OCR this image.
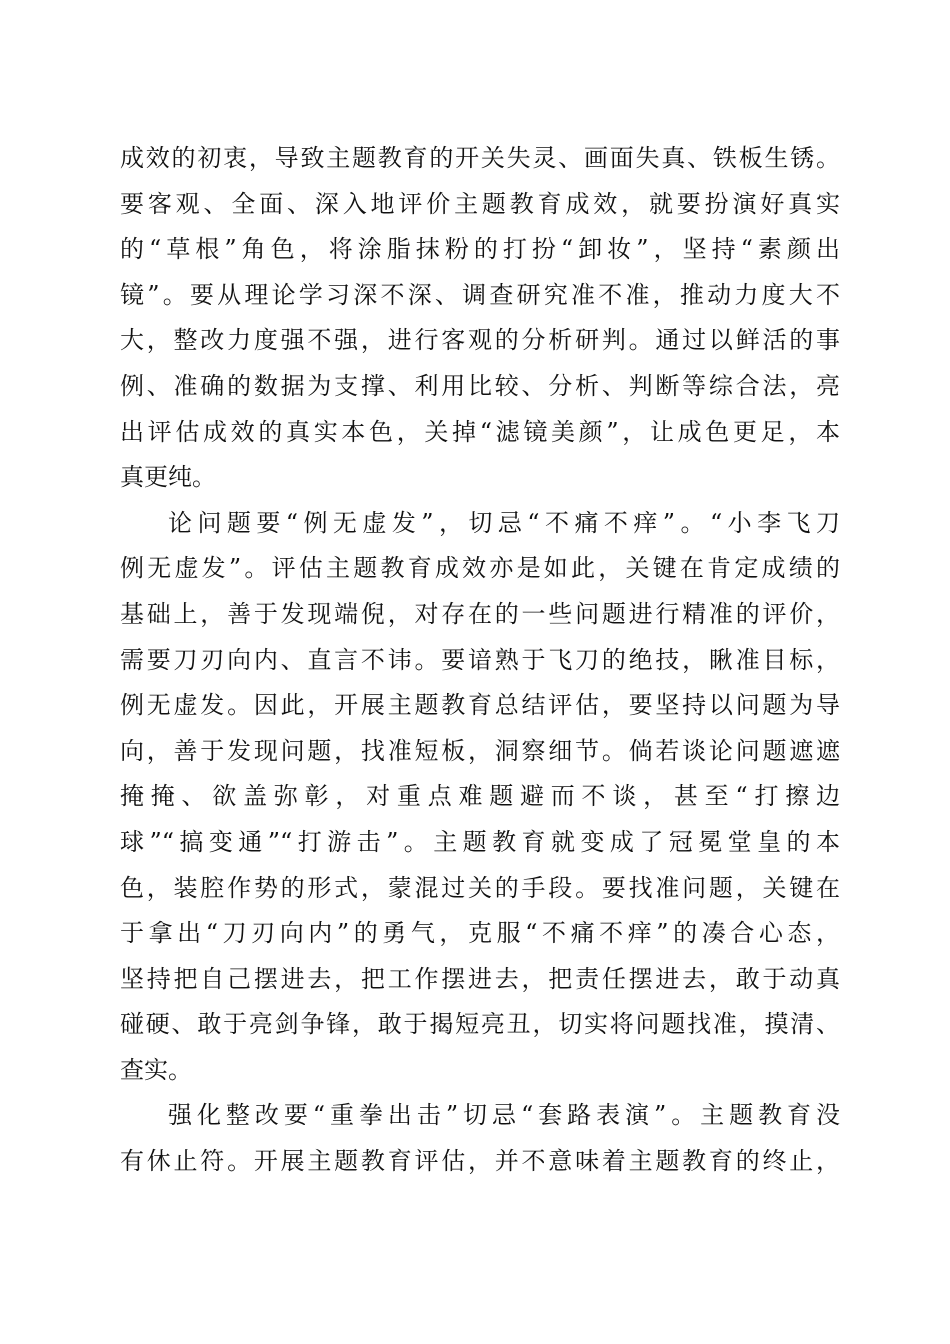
成效的初衷，导致主题教育的开关失灵、画面失真、铁板生锈。
要客观、全面、深入地评价主题教育成效，就要扮演好真实
的“草根”角色，将涂脂抹粉的打扮“卸妆”，坚持“素颜出
镜”。要从理论学习深不深、调查研究准不准，推动力度大不
大，整改力度强不强，进行客观的分析研判。通过以鲜活的事
例、准确的数据为支撑、利用比较、分析、判断等综合法，亮
出评估成效的真实本色，关掉“滤镜美颜”，让成色更足，本
真更纯。
论问题要“例无虚发”，切忌“不痛不痒”。“小李飞刀
例无虚发”。评估主题教育成效亦是如此，关键在肯定成绩的
基础上，善于发现端倪，对存在的一些问题进行精准的评价，
需要刀刃向内、直言不讳。要谙熟于飞刀的绝技，瞅准目标，
例无虚发。因此，开展主题教育总结评估，要坚持以问题为导
向，善于发现问题，找准短板，洞察细节。倘若谈论问题遮遮
掩掩、欲盖弥彰，对重点难题避而不谈，甚至“打擦边
球”“搞变通”“打游击”。主题教育就变成了冠冕堂皇的本
色，装腔作势的形式，蒙混过关的手段。要找准问题，关键在
于拿出“刀刃向内”的勇气，克服“不痛不痒”的凑合心态，
坚持把自己摆进去，把工作摆进去，把责任摆进去，敢于动真
碰硬、敢于亮剑争锋，敢于揭短亮丑，切实将问题找准，摸清、
查实。
强化整改要“重拳出击”切忌“套路表演”。主题教育没
有休止符。开展主题教育评估，并不意味着主题教育的终止，
